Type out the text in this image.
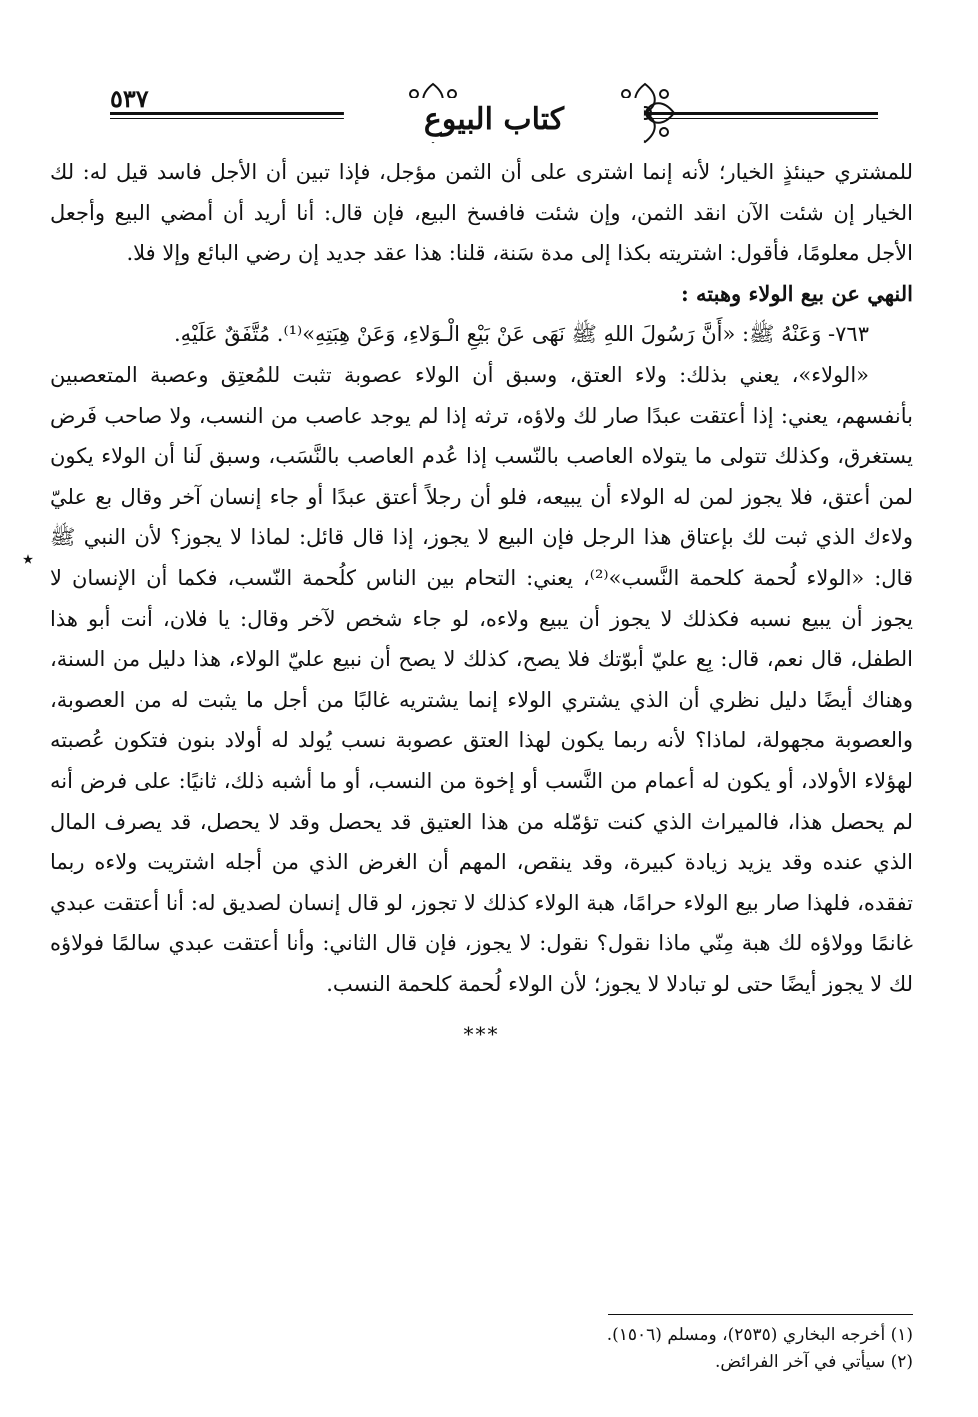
٥٣٧
كتاب البيوع
٭

للمشتري حينئذٍ الخيار؛ لأنه إنما اشترى على أن الثمن مؤجل، فإذا تبين أن الأجل فاسد قيل له: لك الخيار إن شئت الآن انقد الثمن، وإن شئت فافسخ البيع، فإن قال: أنا أريد أن أمضي البيع وأجعل الأجل معلومًا، فأقول: اشتريته بكذا إلى مدة سَنة، قلنا: هذا عقد جديد إن رضي البائع وإلا فلا.

النهي عن بيع الولاء وهبته :

٧٦٣- وَعَنْهُ ﷺ: «أَنَّ رَسُولَ اللهِ ﷺ نَهَى عَنْ بَيْعِ الْـوَلاءِ، وَعَنْ هِبَتِهِ»⁽¹⁾. مُتَّفَقٌ عَلَيْهِ.

«الولاء»، يعني بذلك: ولاء العتق، وسبق أن الولاء عصوبة تثبت للمُعتِق وعصبة المتعصبين بأنفسهم، يعني: إذا أعتقت عبدًا صار لك ولاؤه، ترثه إذا لم يوجد عاصب من النسب، ولا صاحب فَرض يستغرق، وكذلك تتولى ما يتولاه العاصب بالنّسب إذا عُدم العاصب بالنَّسَب، وسبق لَنا أن الولاء يكون لمن أعتق، فلا يجوز لمن له الولاء أن يبيعه، فلو أن رجلاً أعتق عبدًا أو جاء إنسان آخر وقال بع عليّ ولاءك الذي ثبت لك بإعتاق هذا الرجل فإن البيع لا يجوز، إذا قال قائل: لماذا لا يجوز؟ لأن النبي ﷺ قال: «الولاء لُحمة كلحمة النَّسب»⁽²⁾، يعني: التحام بين الناس كلُحمة النّسب، فكما أن الإنسان لا يجوز أن يبيع نسبه فكذلك لا يجوز أن يبيع ولاءه، لو جاء شخص لآخر وقال: يا فلان، أنت أبو هذا الطفل، قال نعم، قال: بِع عليّ أبوّتك فلا يصح، كذلك لا يصح أن نبيع عليّ الولاء، هذا دليل من السنة، وهناك أيضًا دليل نظري أن الذي يشتري الولاء إنما يشتريه غالبًا من أجل ما يثبت له من العصوبة، والعصوبة مجهولة، لماذا؟ لأنه ربما يكون لهذا العتق عصوبة نسب يُولد له أولاد بنون فتكون عُصبته لهؤلاء الأولاد، أو يكون له أعمام من النَّسب أو إخوة من النسب، أو ما أشبه ذلك، ثانيًا: على فرض أنه لم يحصل هذا، فالميراث الذي كنت تؤمّله من هذا العتيق قد يحصل وقد لا يحصل، قد يصرف المال الذي عنده وقد يزيد زيادة كبيرة، وقد ينقص، المهم أن الغرض الذي من أجله اشتريت ولاءه ربما تفقده، فلهذا صار بيع الولاء حرامًا، هبة الولاء كذلك لا تجوز، لو قال إنسان لصديق له: أنا أعتقت عبدي غانمًا وولاؤه لك هبة مِنّي ماذا نقول؟ نقول: لا يجوز، فإن قال الثاني: وأنا أعتقت عبدي سالمًا فولاؤه لك لا يجوز أيضًا حتى لو تبادلا لا يجوز؛ لأن الولاء لُحمة كلحمة النسب.

***

(١) أخرجه البخاري (٢٥٣٥)، ومسلم (١٥٠٦).

(٢) سيأتي في آخر الفرائض.
